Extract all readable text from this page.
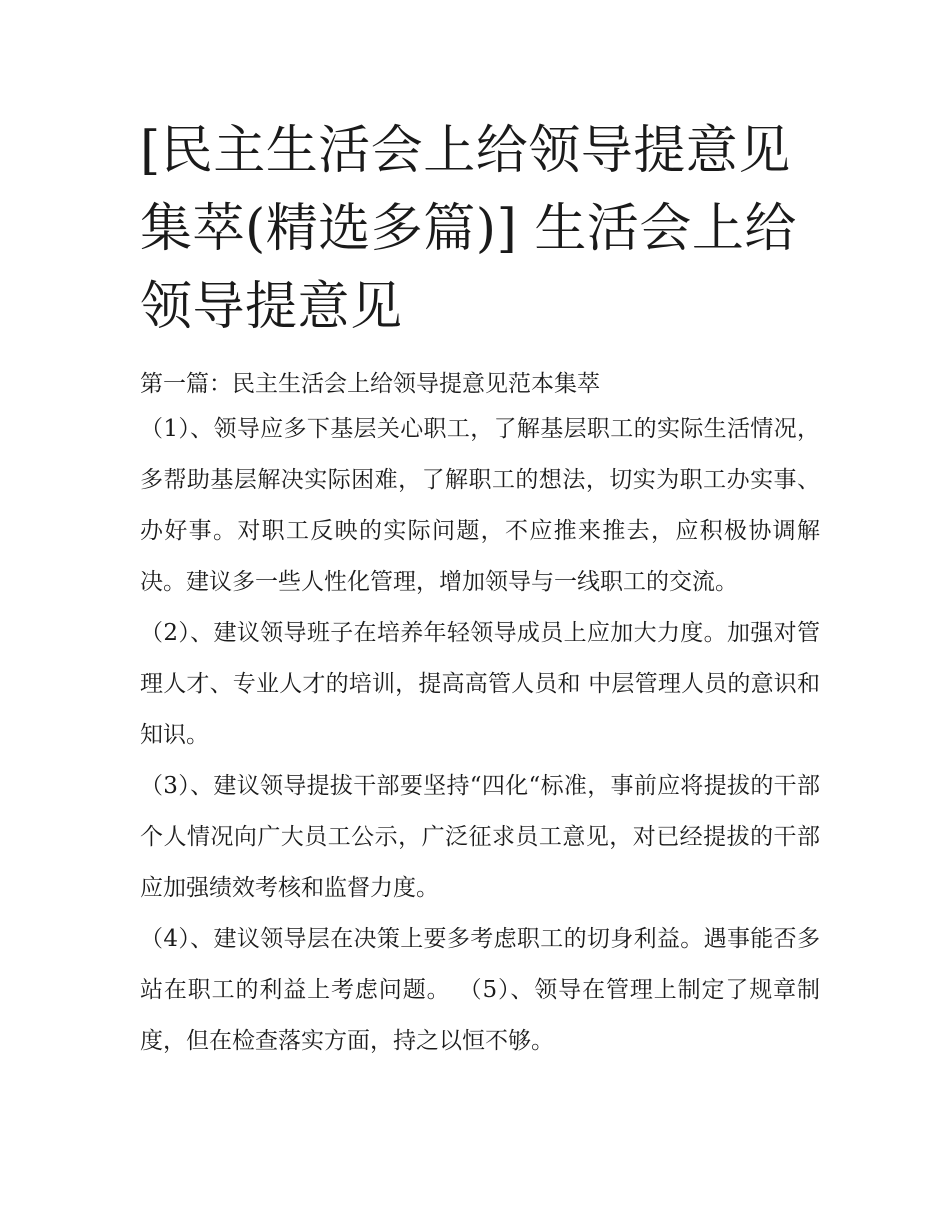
[民主生活会上给领导提意见集萃(精选多篇)] 生活会上给领导提意见

第一篇：民主生活会上给领导提意见范本集萃

（1）、领导应多下基层关心职工，了解基层职工的实际生活情况，多帮助基层解决实际困难，了解职工的想法，切实为职工办实事、办好事。对职工反映的实际问题，不应推来推去，应积极协调解决。建议多一些人性化管理，增加领导与一线职工的交流。

（2）、建议领导班子在培养年轻领导成员上应加大力度。加强对管理人才、专业人才的培训，提高高管人员和 中层管理人员的意识和知识。

（3）、建议领导提拔干部要坚持“四化“标准，事前应将提拔的干部个人情况向广大员工公示，广泛征求员工意见，对已经提拔的干部应加强绩效考核和监督力度。

（4）、建议领导层在决策上要多考虑职工的切身利益。遇事能否多站在职工的利益上考虑问题。 （5）、领导在管理上制定了规章制度，但在检查落实方面，持之以恒不够。
